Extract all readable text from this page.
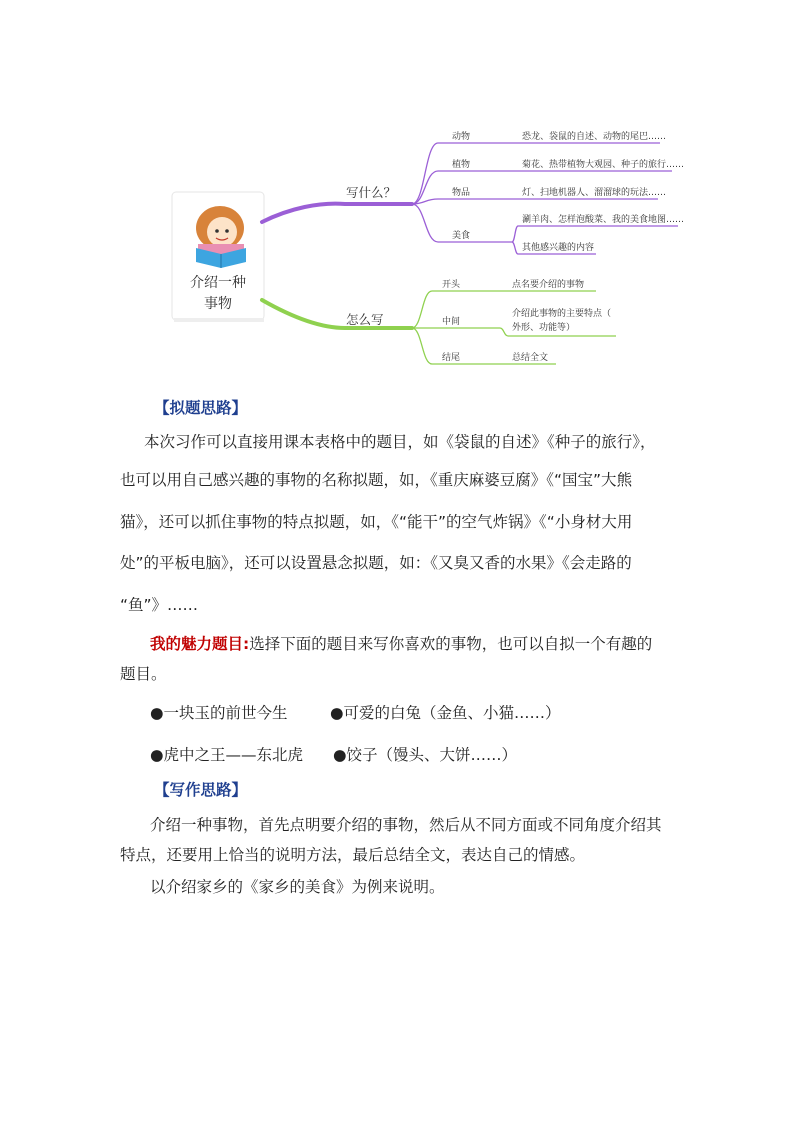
介绍一种
事物
写什么？
怎么写
动物
植物
物品
美食
恐龙、袋鼠的自述、动物的尾巴……
菊花、热带植物大观园、种子的旅行……
灯、扫地机器人、溜溜球的玩法……
涮羊肉、怎样泡酸菜、我的美食地图……
其他感兴趣的内容
开头
中间
结尾
点名要介绍的事物
介绍此事物的主要特点（
外形、功能等）
总结全文

【拟题思路】

本次习作可以直接用课本表格中的题目，如《袋鼠的自述》《种子的旅行》，

也可以用自己感兴趣的事物的名称拟题，如，《重庆麻婆豆腐》《“国宝”大熊

猫》，还可以抓住事物的特点拟题，如，《“能干”的空气炸锅》《“小身材大用

处”的平板电脑》，还可以设置悬念拟题，如：《又臭又香的水果》《会走路的

“鱼”》……

我的魅力题目:选择下面的题目来写你喜欢的事物，也可以自拟一个有趣的

题目。

●一块玉的前世今生	●可爱的白兔（金鱼、小猫……）

●虎中之王——东北虎	●饺子（馒头、大饼……）

【写作思路】

介绍一种事物，首先点明要介绍的事物，然后从不同方面或不同角度介绍其

特点，还要用上恰当的说明方法，最后总结全文，表达自己的情感。

以介绍家乡的《家乡的美食》为例来说明。
